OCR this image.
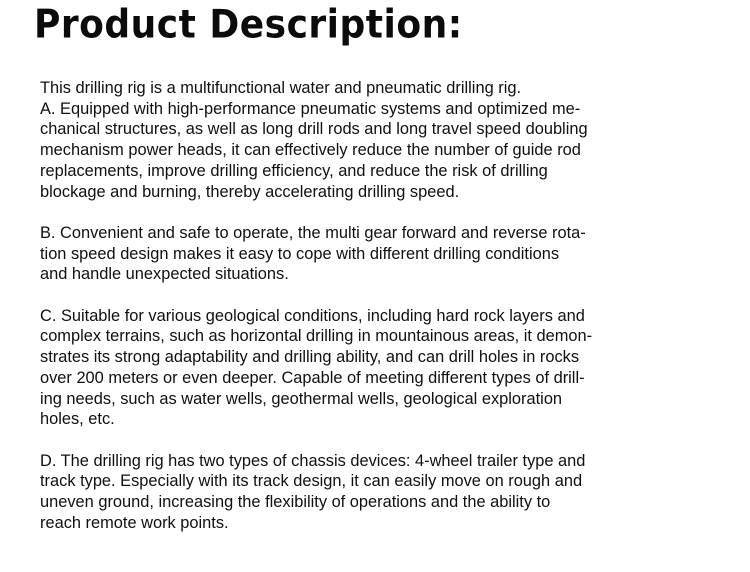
Product Description:

This drilling rig is a multifunctional water and pneumatic drilling rig.
A. Equipped with high-performance pneumatic systems and optimized me-
chanical structures, as well as long drill rods and long travel speed doubling
mechanism power heads, it can effectively reduce the number of guide rod
replacements, improve drilling efficiency, and reduce the risk of drilling
blockage and burning, thereby accelerating drilling speed.

B. Convenient and safe to operate, the multi gear forward and reverse rota-
tion speed design makes it easy to cope with different drilling conditions
and handle unexpected situations.

C. Suitable for various geological conditions, including hard rock layers and
complex terrains, such as horizontal drilling in mountainous areas, it demon-
strates its strong adaptability and drilling ability, and can drill holes in rocks
over 200 meters or even deeper. Capable of meeting different types of drill-
ing needs, such as water wells, geothermal wells, geological exploration
holes, etc.

D. The drilling rig has two types of chassis devices: 4-wheel trailer type and
track type. Especially with its track design, it can easily move on rough and
uneven ground, increasing the flexibility of operations and the ability to
reach remote work points.
